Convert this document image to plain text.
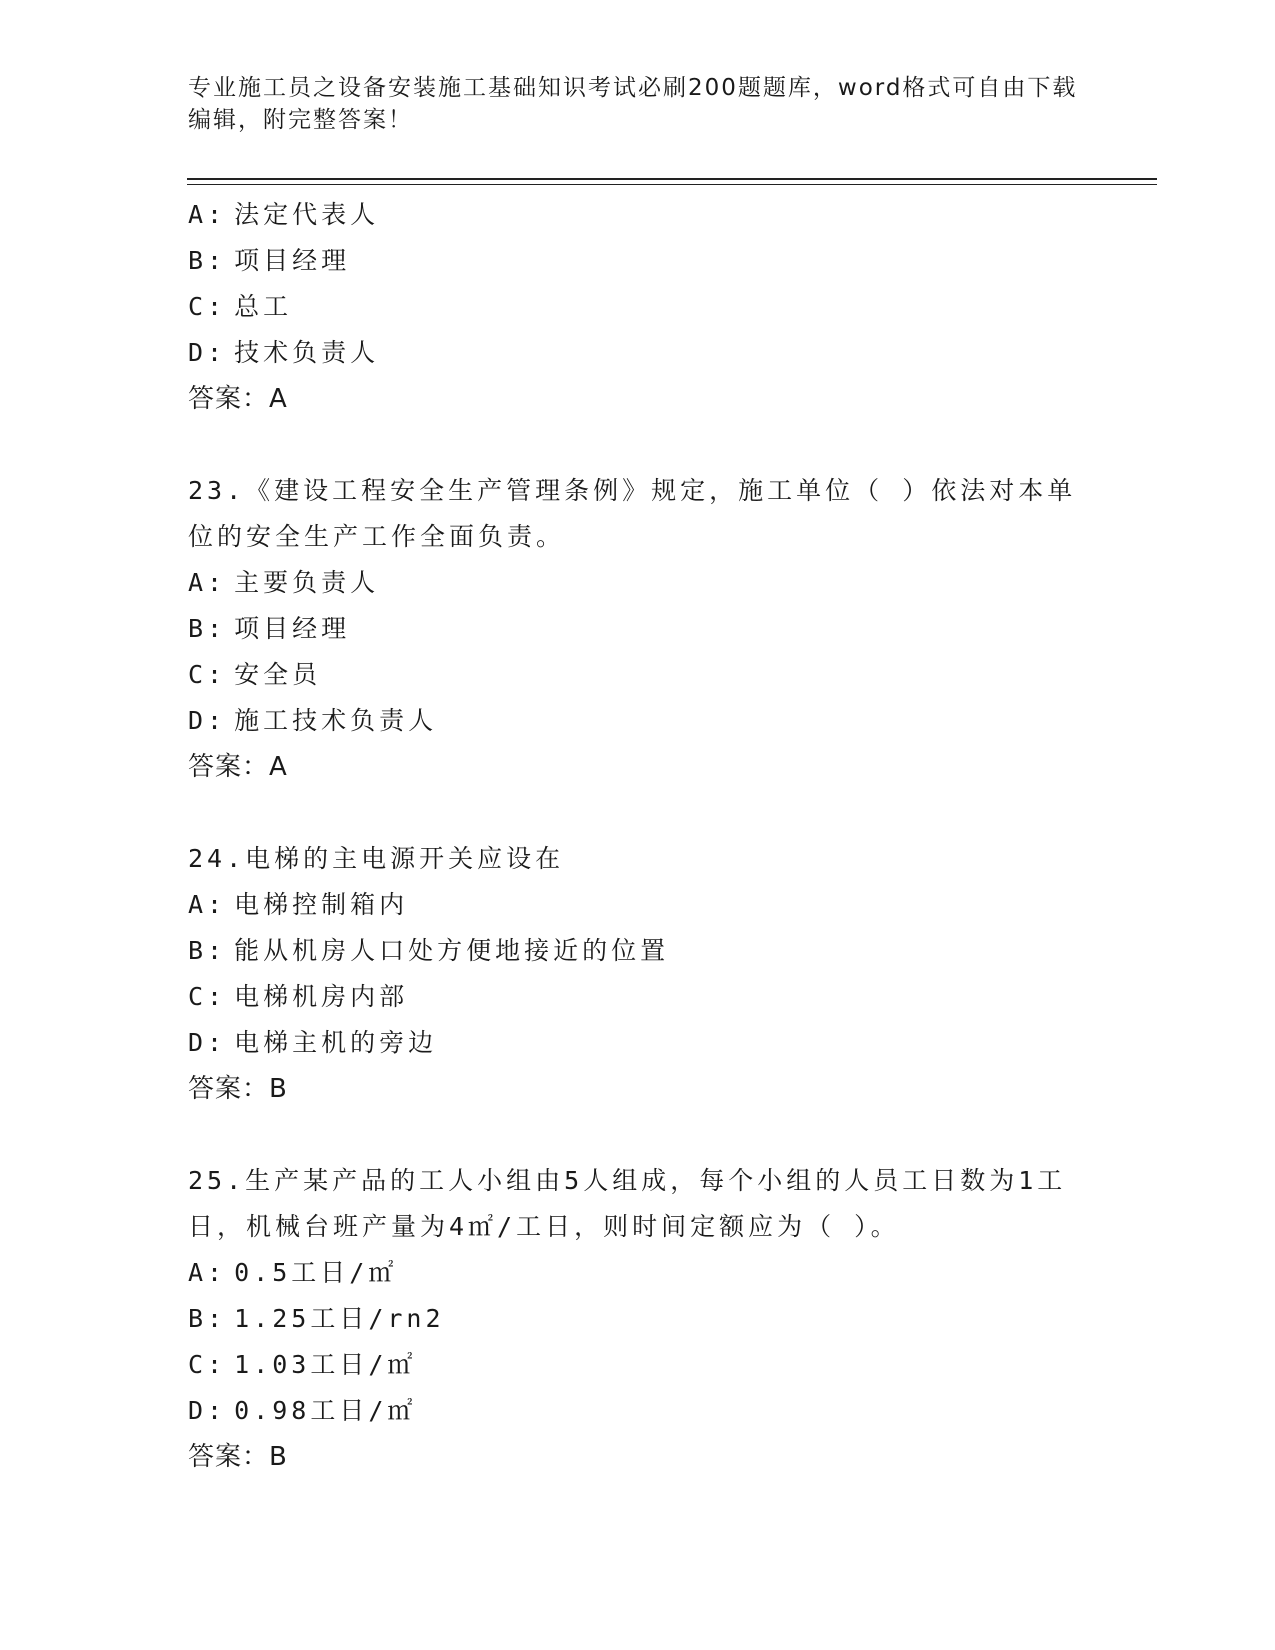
专业施工员之设备安装施工基础知识考试必刷200题题库，word格式可自由下载
编辑，附完整答案！
A: 法定代表人
B: 项目经理
C: 总工
D: 技术负责人
答案：A
23.《建设工程安全生产管理条例》规定，施工单位（ ）依法对本单
位的安全生产工作全面负责。
A: 主要负责人
B: 项目经理
C: 安全员
D: 施工技术负责人
答案：A
24.电梯的主电源开关应设在
A: 电梯控制箱内
B: 能从机房人口处方便地接近的位置
C: 电梯机房内部
D: 电梯主机的旁边
答案：B
25.生产某产品的工人小组由5人组成，每个小组的人员工日数为1工
日，机械台班产量为4㎡/工日，则时间定额应为（ ）。
A: 0.5工日/㎡
B: 1.25工日/rn2
C: 1.03工日/㎡
D: 0.98工日/㎡
答案：B
